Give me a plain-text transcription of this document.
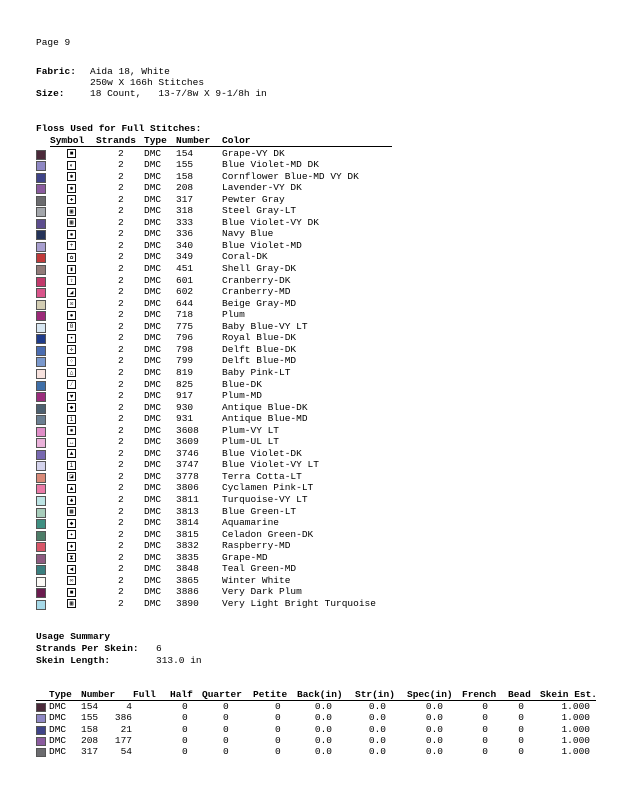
Page 9
Fabric: Aida 18, White
250w X 166h Stitches
Size:	18 Count,   13-7/8w X 9-1/8h in
Floss Used for Full Stitches:
Symbol Strands Type Number Color
■	2 DMC 154	Grape-VY DK
◐	2 DMC 155	Blue Violet-MD DK
✱	2 DMC 158	Cornflower Blue-MD VY DK
✱	2 DMC 208	Lavender-VY DK
✚	2 DMC 317	Pewter Gray
▣	2 DMC 318	Steel Gray-LT
▦	2 DMC 333	Blue Violet-VY DK
✹	2 DMC 336	Navy Blue
+	2 DMC 340	Blue Violet-MD
✿	2 DMC 349	Coral-DK
▮	2 DMC 451	Shell Gray-DK
⇧	2 DMC 601	Cranberry-DK
◢	2 DMC 602	Cranberry-MD
☒	2 DMC 644	Beige Gray-MD
●	2 DMC 718	Plum
0	2 DMC 775	Baby Blue-VY LT
•	2 DMC 796	Royal Blue-DK
✢	2 DMC 798	Delft Blue-DK
⁘	2 DMC 799	Delft Blue-MD
△	2 DMC 819	Baby Pink-LT
⁄	2 DMC 825	Blue-DK
♥	2 DMC 917	Plum-MD
◆	2 DMC 930	Antique Blue-DK
i	2 DMC 931	Antique Blue-MD
✺	2 DMC 3608 Plum-VY LT
↔	2 DMC 3609 Plum-UL LT
▲	2 DMC 3746 Blue Violet-DK
i	2 DMC 3747 Blue Violet-VY LT
◪	2 DMC 3778 Terra Cotta-LT
▲	2 DMC 3806 Cyclamen Pink-LT
♣	2 DMC 3811 Turquoise-VY LT
▩	2 DMC 3813 Blue Green-LT
◆	2 DMC 3814 Aquamarine
✦	2 DMC 3815 Celadon Green-DK
♦	2 DMC 3832 Raspberry-MD
⧗	2 DMC 3835 Grape-MD
◄	2 DMC 3848 Teal Green-MD
∞	2 DMC 3865 Winter White
■	2 DMC 3886 Very Dark Plum
▦	2 DMC 3890 Very Light Bright Turquoise
Usage Summary
Strands Per Skein: 6
Skein Length:	313.0 in
Type Number Full Half Quarter Petite Back(in) Str(in) Spec(in) French Bead Skein Est.
DMC 154	4	0	0	0	0.0	0.0	0.0	0	0	1.000
DMC 155 386	0	0	0	0.0	0.0	0.0	0	0	1.000
DMC 158 21	0	0	0	0.0	0.0	0.0	0	0	1.000
DMC 208 177	0	0	0	0.0	0.0	0.0	0	0	1.000
DMC 317 54	0	0	0	0.0	0.0	0.0	0	0	1.000
